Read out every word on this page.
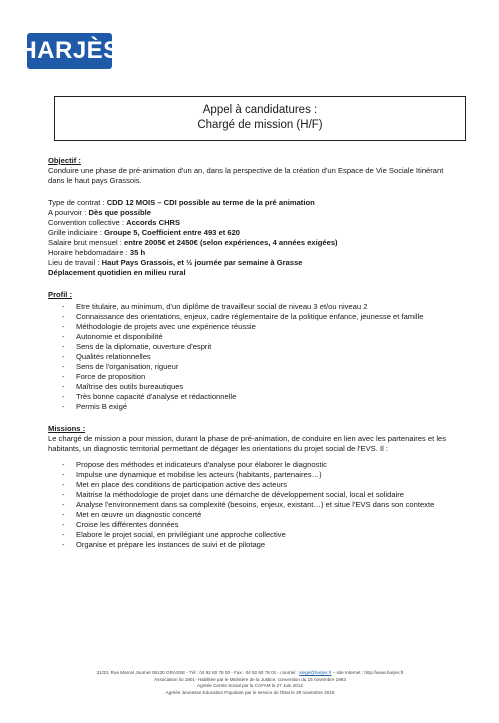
HARJÈS
Appel à candidatures :
Chargé de mission (H/F)
Objectif :

Conduire une phase de pré-animation d'un an, dans la perspective de la création d'un Espace de Vie Sociale Itinérant dans le haut pays Grassois.

Type de contrat : CDD 12 MOIS – CDI possible au terme de la pré animation
A pourvoir : Dès que possible
Convention collective : Accords CHRS
Grille indiciaire : Groupe 5, Coefficient entre 493 et 620
Salaire brut mensuel : entre 2005€ et 2450€ (selon expériences, 4 années exigées)
Horaire hebdomadaire : 35 h
Lieu de travail : Haut Pays Grassois, et ½ journée par semaine à Grasse
Déplacement quotidien en milieu rural
Profil :
- Etre titulaire, au minimum, d'un diplôme de travailleur social de niveau 3 et/ou niveau 2
- Connaissance des orientations, enjeux, cadre réglementaire de la politique enfance, jeunesse et famille
- Méthodologie de projets avec une expérience réussie
- Autonomie et disponibilité
- Sens de la diplomatie, ouverture d'esprit
- Qualités relationnelles
- Sens de l'organisation, rigueur
- Force de proposition
- Maîtrise des outils bureautiques
- Très bonne capacité d'analyse et rédactionnelle
- Permis B exigé
Missions :

Le chargé de mission a pour mission, durant la phase de pré-animation, de conduire en lien avec les partenaires et les habitants, un diagnostic territorial permettant de dégager les orientations du projet social de l'EVS. Il :

- Propose des méthodes et indicateurs d'analyse pour élaborer le diagnostic
- Impulse une dynamique et mobilise les acteurs (habitants, partenaires…)
- Met en place des conditions de participation active des acteurs
- Maitrise la méthodologie de projet dans une démarche de développement social, local et solidaire
- Analyse l'environnement dans sa complexité (besoins, enjeux, existant…) et situe l'EVS dans son contexte
- Met en œuvre un diagnostic concerté
- Croise les différentes données
- Elabore le projet social, en privilégiant une approche collective
- Organise et prépare les instances de suivi et de pilotage
31/33, Rue Marcel Journet 06130 GRASSE - Tél : 04 92 60 78 00 - Fax : 04 92 60 78 01 - courriel : siege@harjes.fr – site Internet : http://www.harjes.fr
Association loi 1901- Habilitée par le Ministère de la Justice, convention du 15 novembre 1993
Agréée Centre Social par la CAFAM le 27 Juin 2012
Agréée Jeunesse Education Populaire par le service de l'Etat le 29 novembre 2016
